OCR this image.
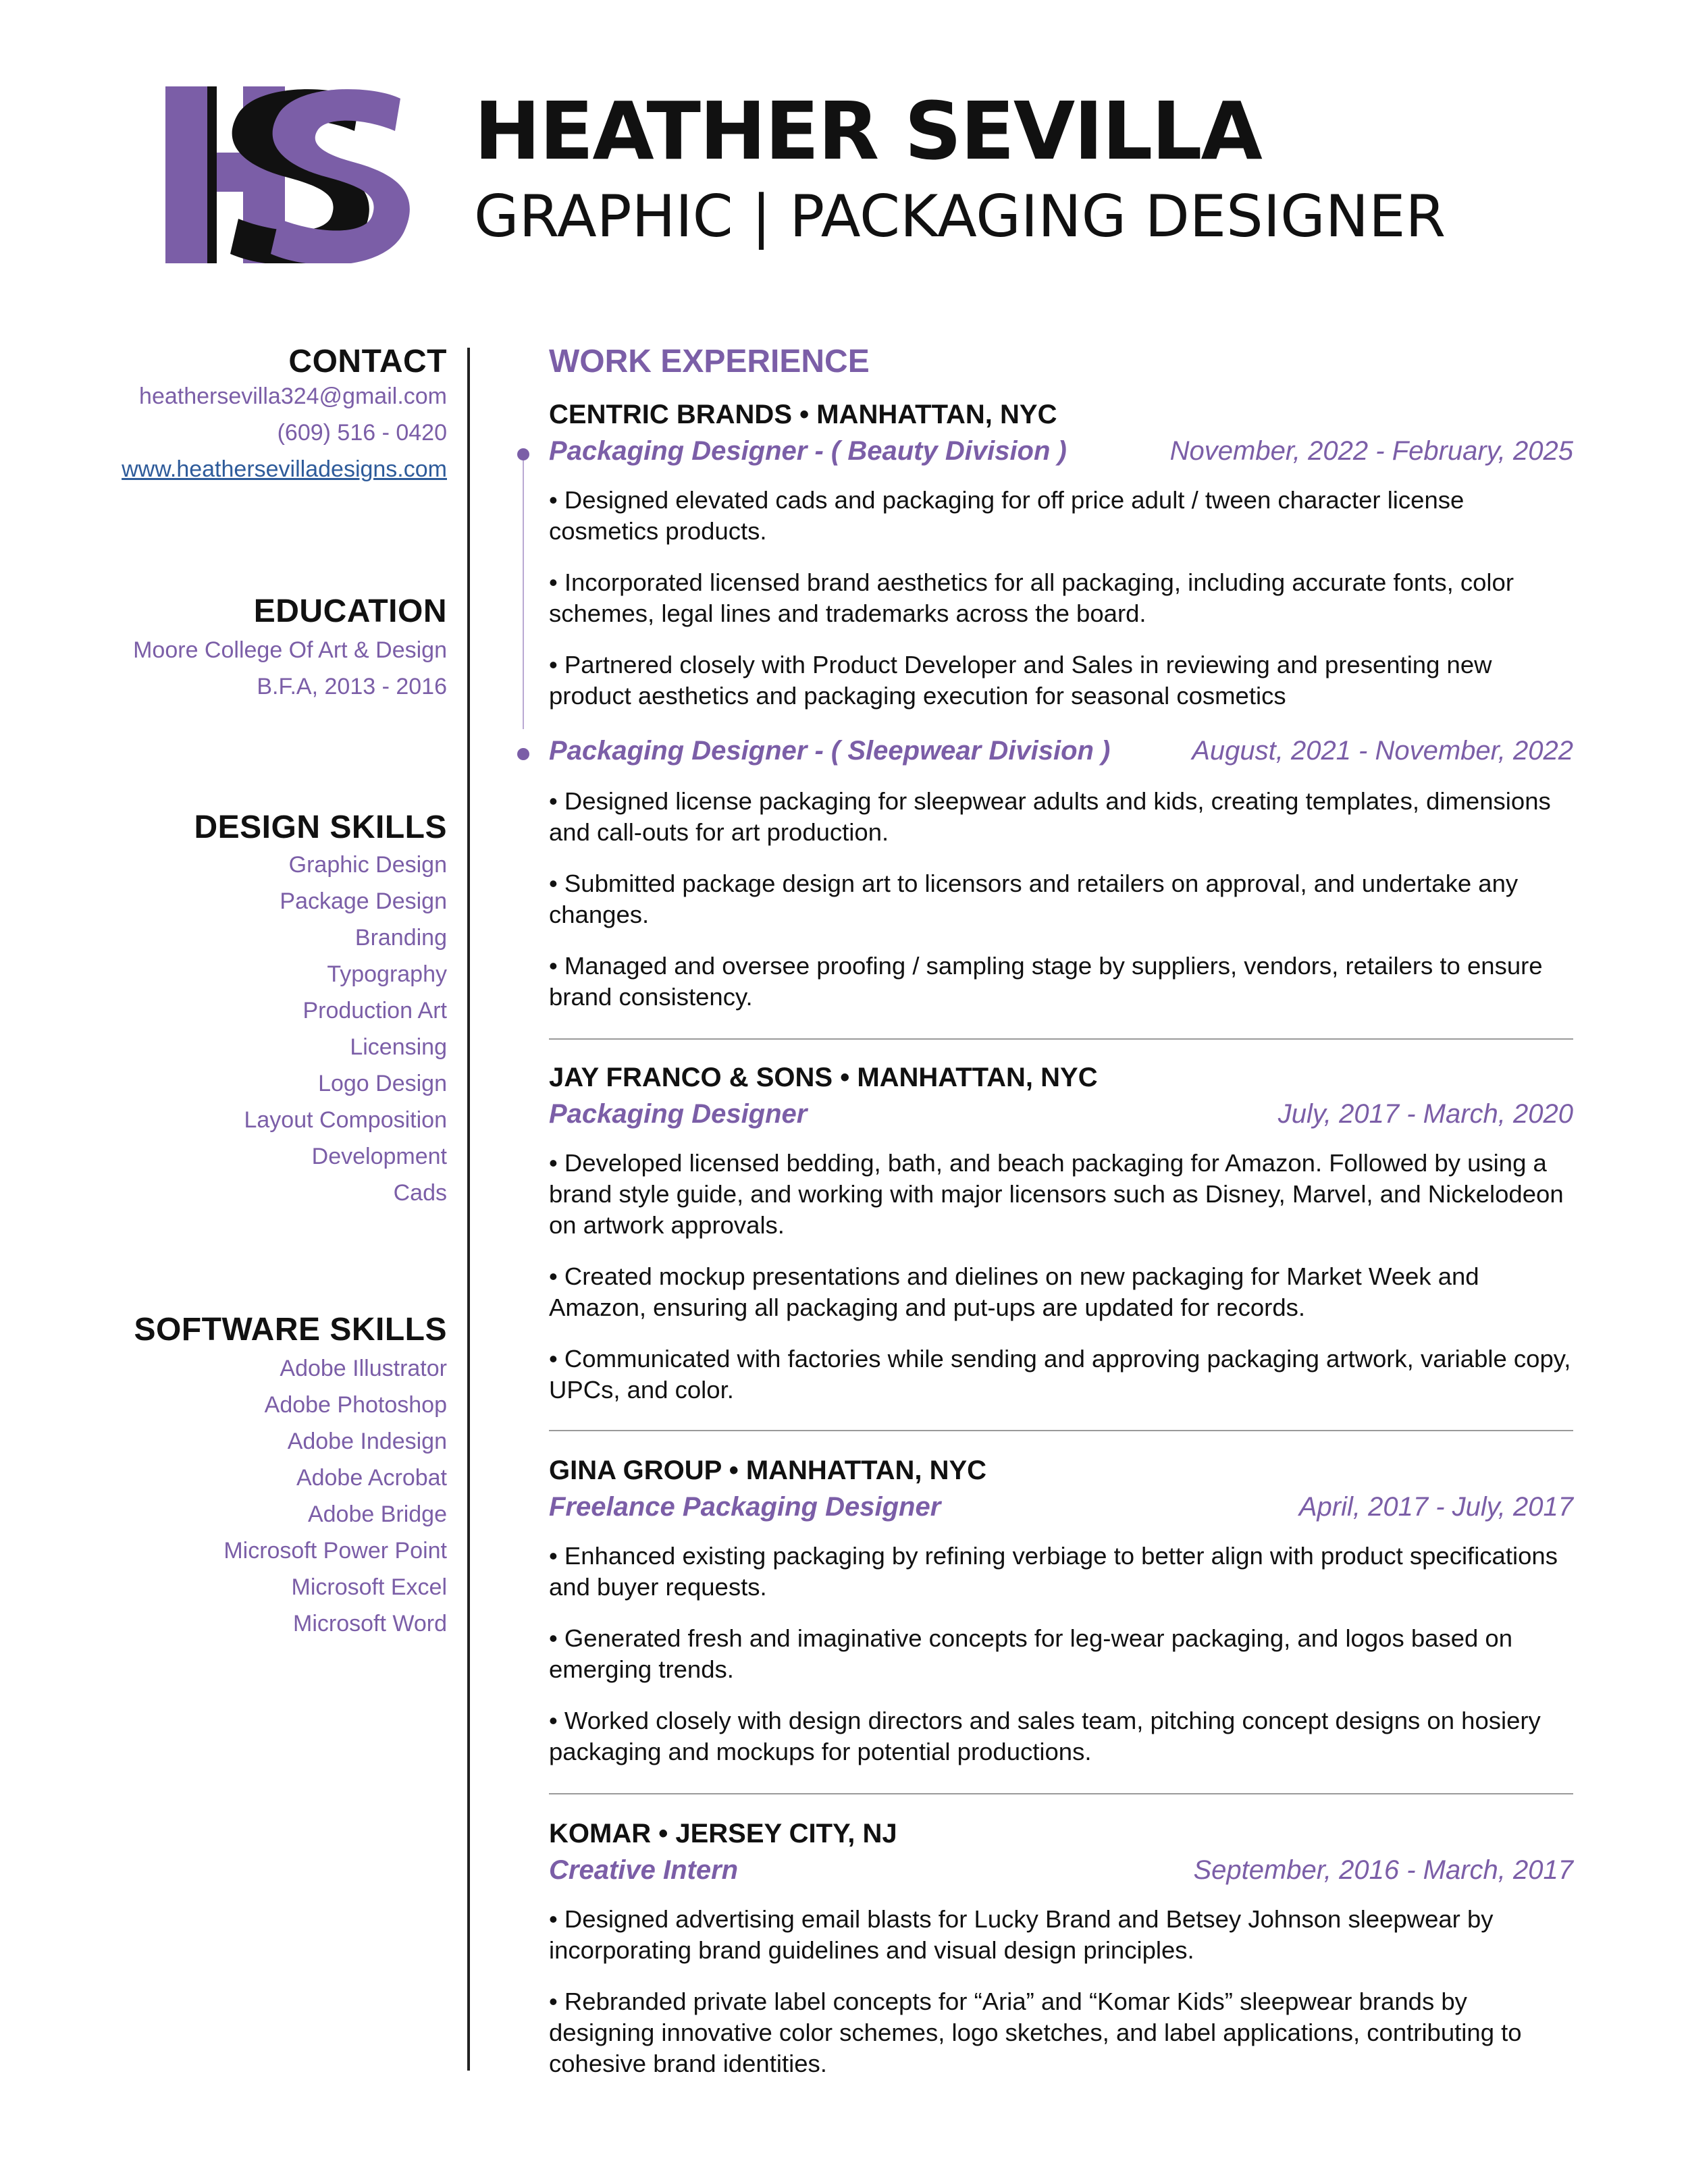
HEATHER SEVILLA
GRAPHIC | PACKAGING DESIGNER
CONTACT
heathersevilla324@gmail.com
(609) 516 - 0420
www.heathersevilladesigns.com
EDUCATION
Moore College Of Art & Design
B.F.A, 2013 - 2016
DESIGN SKILLS
Graphic Design
Package Design
Branding
Typography
Production Art
Licensing
Logo Design
Layout Composition
Development
Cads
SOFTWARE SKILLS
Adobe Illustrator
Adobe Photoshop
Adobe Indesign
Adobe Acrobat
Adobe Bridge
Microsoft Power Point
Microsoft Excel
Microsoft Word
WORK EXPERIENCE
CENTRIC BRANDS • MANHATTAN, NYC
Packaging Designer - ( Beauty Division )	November, 2022 - February, 2025
• Designed elevated cads and packaging for off price adult / tween character license cosmetics products.
• Incorporated licensed brand aesthetics for all packaging, including accurate fonts, color schemes, legal lines and trademarks across the board.
• Partnered closely with Product Developer and Sales in reviewing and presenting new product aesthetics and packaging execution for seasonal cosmetics
Packaging Designer - ( Sleepwear Division )	August, 2021 - November, 2022
• Designed license packaging for sleepwear adults and kids, creating templates, dimensions and call-outs for art production.
• Submitted package design art to licensors and retailers on approval, and undertake any changes.
• Managed and oversee proofing / sampling stage by suppliers, vendors, retailers to ensure brand consistency.
JAY FRANCO & SONS • MANHATTAN, NYC
Packaging Designer	July, 2017 - March, 2020
• Developed licensed bedding, bath, and beach packaging for Amazon. Followed by using a brand style guide, and working with major licensors such as Disney, Marvel, and Nickelodeon on artwork approvals.
• Created mockup presentations and dielines on new packaging for Market Week and Amazon, ensuring all packaging and put-ups are updated for records.
• Communicated with factories while sending and approving packaging artwork, variable copy, UPCs, and color.
GINA GROUP • MANHATTAN, NYC
Freelance Packaging Designer	April, 2017 - July, 2017
• Enhanced existing packaging by refining verbiage to better align with product specifications and buyer requests.
• Generated fresh and imaginative concepts for leg-wear packaging, and logos based on emerging trends.
• Worked closely with design directors and sales team, pitching concept designs on hosiery packaging and mockups for potential productions.
KOMAR • JERSEY CITY, NJ
Creative Intern	September, 2016 - March, 2017
• Designed advertising email blasts for Lucky Brand and Betsey Johnson sleepwear by incorporating brand guidelines and visual design principles.
• Rebranded private label concepts for “Aria” and “Komar Kids” sleepwear brands by designing innovative color schemes, logo sketches, and label applications, contributing to cohesive brand identities.
